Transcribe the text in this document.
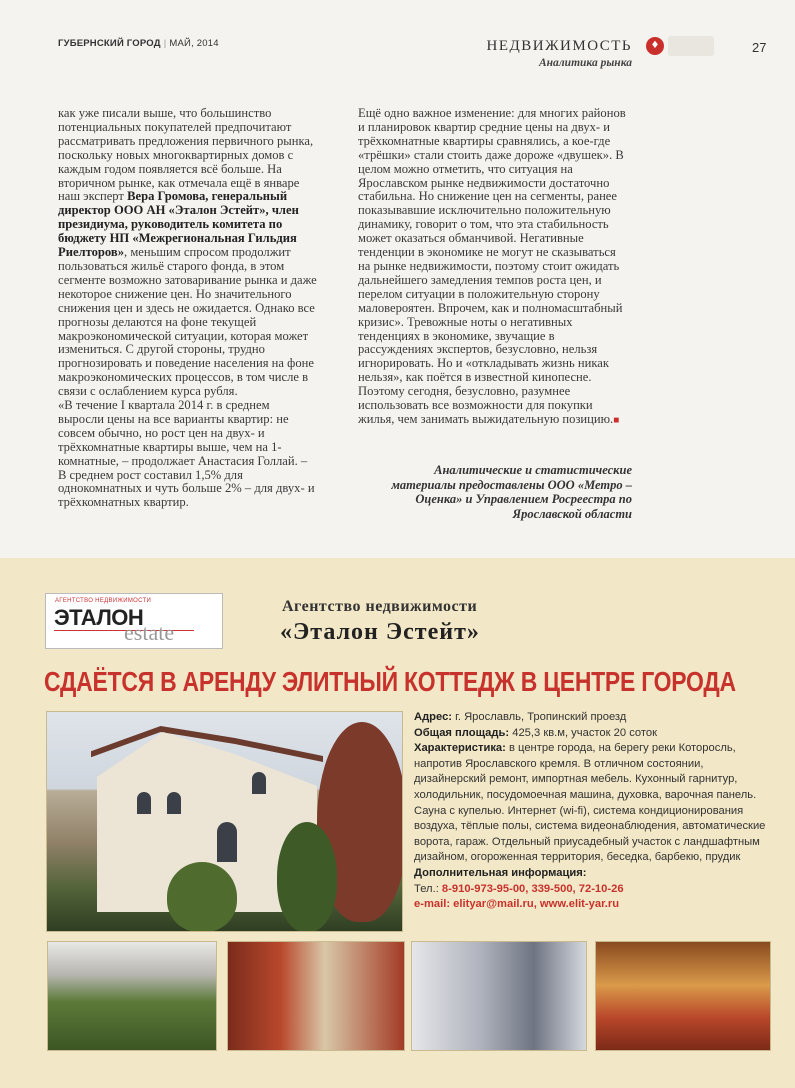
ГУБЕРНСКИЙ ГОРОД | МАЙ, 2014	НЕДВИЖИМОСТЬ
Аналитика рынка
♦	27

как уже писали выше, что большинство потенциальных покупателей предпочитают рассматривать предложения первичного рынка, поскольку новых многоквартирных домов с каждым годом появляется всё больше. На вторичном рынке, как отмечала ещё в январе наш эксперт Вера Громова, генеральный директор ООО АН «Эталон Эстейт», член президиума, руководитель комитета по бюджету НП «Межрегиональная Гильдия Риелторов», меньшим спросом продолжит пользоваться жильё старого фонда, в этом сегменте возможно затоваривание рынка и даже некоторое снижение цен. Но значительного снижения цен и здесь не ожидается. Однако все прогнозы делаются на фоне текущей макроэкономической ситуации, которая может измениться. С другой стороны, трудно прогнозировать и поведение населения на фоне макроэкономических процессов, в том числе в связи с ослаблением курса рубля.

«В течение I квартала 2014 г. в среднем выросли цены на все варианты квартир: не совсем обычно, но рост цен на двух- и трёхкомнатные квартиры выше, чем на 1-комнатные, – продолжает Анастасия Голлай. – В среднем рост составил 1,5% для однокомнатных и чуть больше 2% – для двух- и трёхкомнатных квартир.

Ещё одно важное изменение: для многих районов и планировок квартир средние цены на двух- и трёхкомнатные квартиры сравнялись, а кое-где «трёшки» стали стоить даже дороже «двушек». В целом можно отметить, что ситуация на Ярославском рынке недвижимости достаточно стабильна. Но снижение цен на сегменты, ранее показывавшие исключительно положительную динамику, говорит о том, что эта стабильность может оказаться обманчивой. Негативные тенденции в экономике не могут не сказываться на рынке недвижимости, поэтому стоит ожидать дальнейшего замедления темпов роста цен, и перелом ситуации в положительную сторону маловероятен. Впрочем, как и полномасштабный кризис». Тревожные ноты о негативных тенденциях в экономике, звучащие в рассуждениях экспертов, безусловно, нельзя игнорировать. Но и «откладывать жизнь никак нельзя», как поётся в известной кинопесне. Поэтому сегодня, безусловно, разумнее использовать все возможности для покупки жилья, чем занимать выжидательную позицию.■

Аналитические и статистические материалы предоставлены ООО «Метро – Оценка» и Управлением Росреестра по Ярославской области
АГЕНТСТВО НЕДВИЖИМОСТИ
ЭТАЛОН
estate
Агентство недвижимости
«Эталон Эстейт»
СДАЁТСЯ В АРЕНДУ ЭЛИТНЫЙ КОТТЕДЖ В ЦЕНТРЕ ГОРОДА

Адрес: г. Ярославль, Тропинский проезд

Общая площадь: 425,3 кв.м, участок 20 соток

Характеристика: в центре города, на берегу реки Которосль, напротив Ярославского кремля. В отличном состоянии, дизайнерский ремонт, импортная мебель. Кухонный гарнитур, холодильник, посудомоечная машина, духовка, варочная панель. Сауна с купелью. Интернет (wi-fi), система кондиционирования воздуха, тёплые полы, система видеонаблюдения, автоматические ворота, гараж. Отдельный приусадебный участок с ландшафтным дизайном, огороженная территория, беседка, барбекю, прудик

Дополнительная информация:

Тел.: 8-910-973-95-00, 339-500, 72-10-26

e-mail: elityar@mail.ru, www.elit-yar.ru
